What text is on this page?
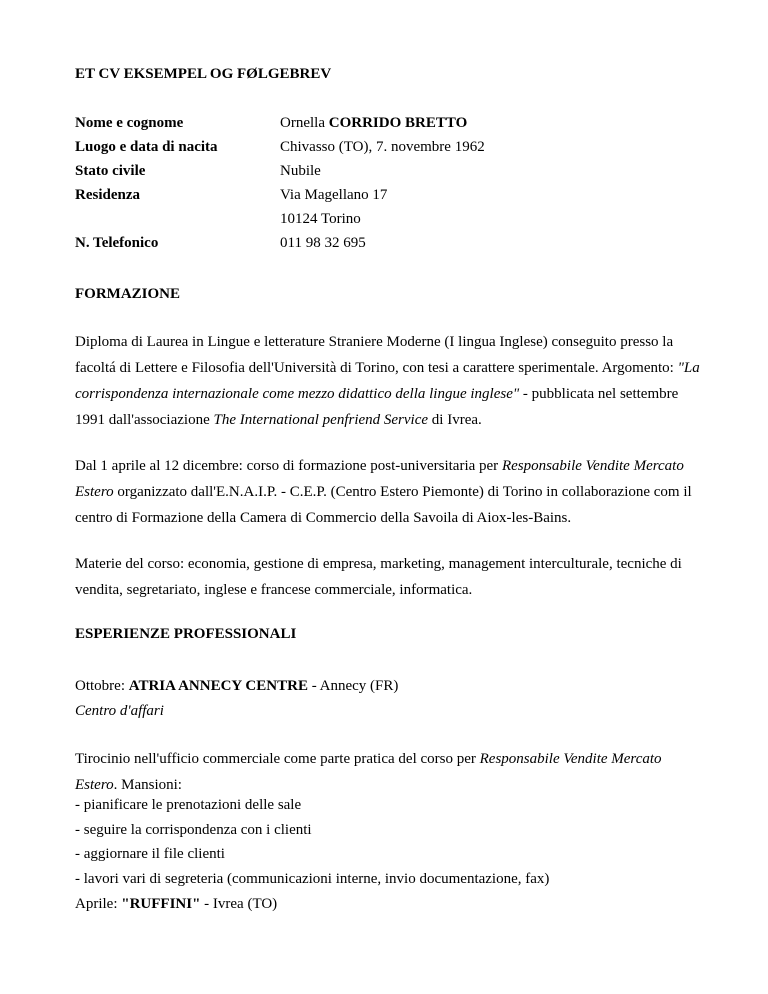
ET CV EKSEMPEL OG FØLGEBREV
Nome e cognome	Ornella CORRIDO BRETTO
Luogo e data di nacita	Chivasso (TO), 7. novembre 1962
Stato civile	Nubile
Residenza	Via Magellano 17
10124 Torino
N. Telefonico	011 98 32 695
FORMAZIONE
Diploma di Laurea in Lingue e letterature Straniere Moderne (I lingua Inglese) conseguito presso la facoltá di Lettere e Filosofia dell'Università di Torino, con tesi a carattere sperimentale. Argomento: "La corrispondenza internazionale come mezzo didattico della lingue inglese" - pubblicata nel settembre 1991 dall'associazione The International penfriend Service di Ivrea.
Dal 1 aprile al 12 dicembre: corso di formazione post-universitaria per Responsabile Vendite Mercato Estero organizzato dall'E.N.A.I.P. - C.E.P. (Centro Estero Piemonte) di Torino in collaborazione com il centro di Formazione della Camera di Commercio della Savoila di Aiox-les-Bains.
Materie del corso: economia, gestione di empresa, marketing, management interculturale, tecniche di vendita, segretariato, inglese e francese commerciale, informatica.
ESPERIENZE PROFESSIONALI
Ottobre: ATRIA ANNECY CENTRE - Annecy (FR)
Centro d'affari
Tirocinio nell'ufficio commerciale come parte pratica del corso per Responsabile Vendite Mercato Estero. Mansioni:
- pianificare le prenotazioni delle sale
- seguire la corrispondenza con i clienti
- aggiornare il file clienti
- lavori vari di segreteria (communicazioni interne, invio documentazione, fax)
Aprile: "RUFFINI" - Ivrea (TO)
